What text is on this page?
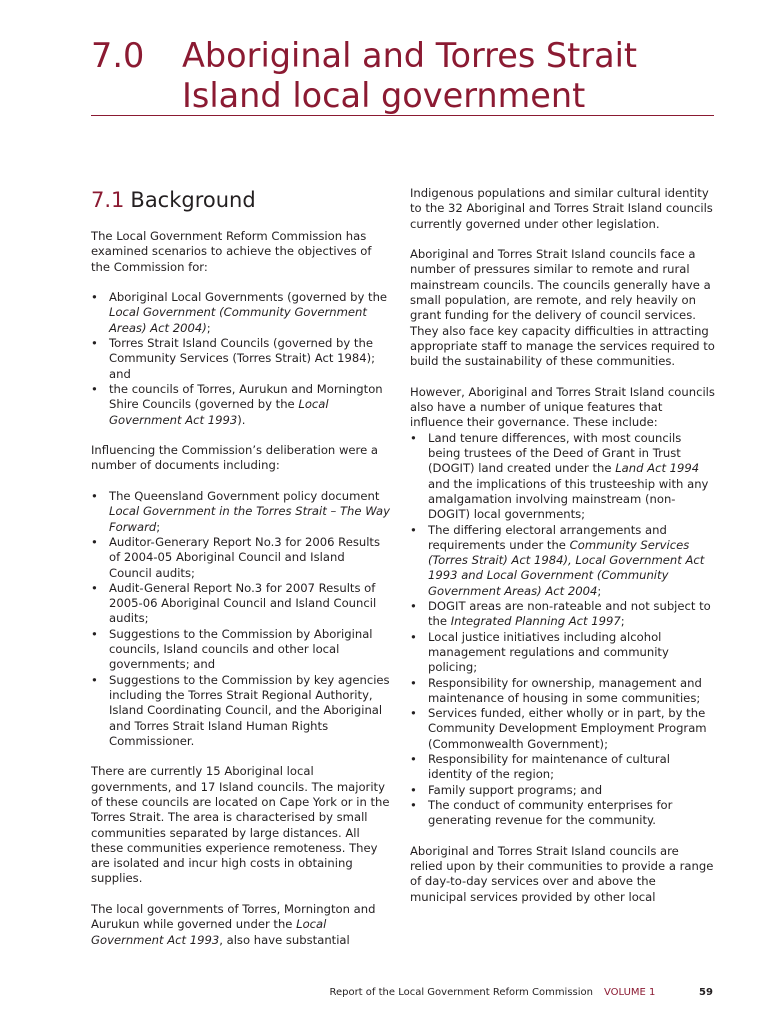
7.0 Aboriginal and Torres Strait
Island local government
7.1 Background

The Local Government Reform Commission has examined scenarios to achieve the objectives of the Commission for:

• Aboriginal Local Governments (governed by the Local Government (Community Government Areas) Act 2004);
• Torres Strait Island Councils (governed by the Community Services (Torres Strait) Act 1984); and
• the councils of Torres, Aurukun and Mornington Shire Councils (governed by the Local Government Act 1993).

Influencing the Commission’s deliberation were a number of documents including:

• The Queensland Government policy document Local Government in the Torres Strait – The Way Forward;
• Auditor-Generary Report No.3 for 2006 Results of 2004-05 Aboriginal Council and Island Council audits;
• Audit-General Report No.3 for 2007 Results of 2005-06 Aboriginal Council and Island Council audits;
• Suggestions to the Commission by Aboriginal councils, Island councils and other local governments; and
• Suggestions to the Commission by key agencies including the Torres Strait Regional Authority, Island Coordinating Council, and the Aboriginal and Torres Strait Island Human Rights Commissioner.

There are currently 15 Aboriginal local governments, and 17 Island councils. The majority of these councils are located on Cape York or in the Torres Strait. The area is characterised by small communities separated by large distances. All these communities experience remoteness. They are isolated and incur high costs in obtaining supplies.

The local governments of Torres, Mornington and Aurukun while governed under the Local Government Act 1993, also have substantial

Indigenous populations and similar cultural identity to the 32 Aboriginal and Torres Strait Island councils currently governed under other legislation.

Aboriginal and Torres Strait Island councils face a number of pressures similar to remote and rural mainstream councils. The councils generally have a small population, are remote, and rely heavily on grant funding for the delivery of council services. They also face key capacity difficulties in attracting appropriate staff to manage the services required to build the sustainability of these communities.

However, Aboriginal and Torres Strait Island councils also have a number of unique features that influence their governance. These include:

• Land tenure differences, with most councils being trustees of the Deed of Grant in Trust (DOGIT) land created under the Land Act 1994 and the implications of this trusteeship with any amalgamation involving mainstream (non-DOGIT) local governments;
• The differing electoral arrangements and requirements under the Community Services (Torres Strait) Act 1984), Local Government Act 1993 and Local Government (Community Government Areas) Act 2004;
• DOGIT areas are non-rateable and not subject to the Integrated Planning Act 1997;
• Local justice initiatives including alcohol management regulations and community policing;
• Responsibility for ownership, management and maintenance of housing in some communities;
• Services funded, either wholly or in part, by the Community Development Employment Program (Commonwealth Government);
• Responsibility for maintenance of cultural identity of the region;
• Family support programs; and
• The conduct of community enterprises for generating revenue for the community.

Aboriginal and Torres Strait Island councils are relied upon by their communities to provide a range of day-to-day services over and above the municipal services provided by other local

Report of the Local Government Reform Commission VOLUME 1	59
